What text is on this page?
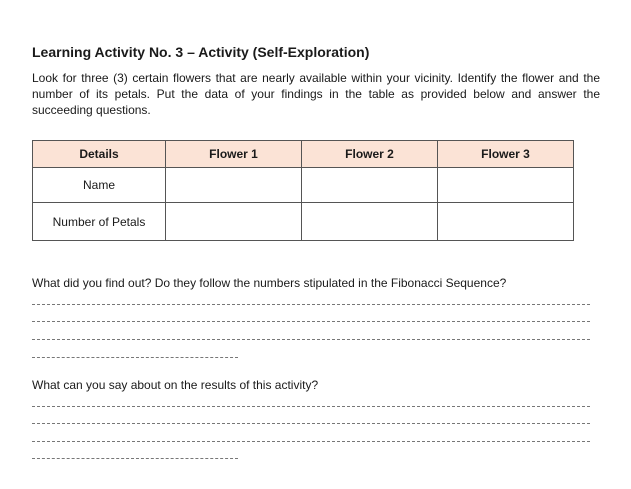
Learning Activity No. 3 – Activity (Self-Exploration)
Look for three (3) certain flowers that are nearly available within your vicinity. Identify the flower and the number of its petals. Put the data of your findings in the table as provided below and answer the succeeding questions.
Details	Flower 1	Flower 2	Flower 3
Name			
Number of Petals			
What did you find out? Do they follow the numbers stipulated in the Fibonacci Sequence?
What can you say about on the results of this activity?
